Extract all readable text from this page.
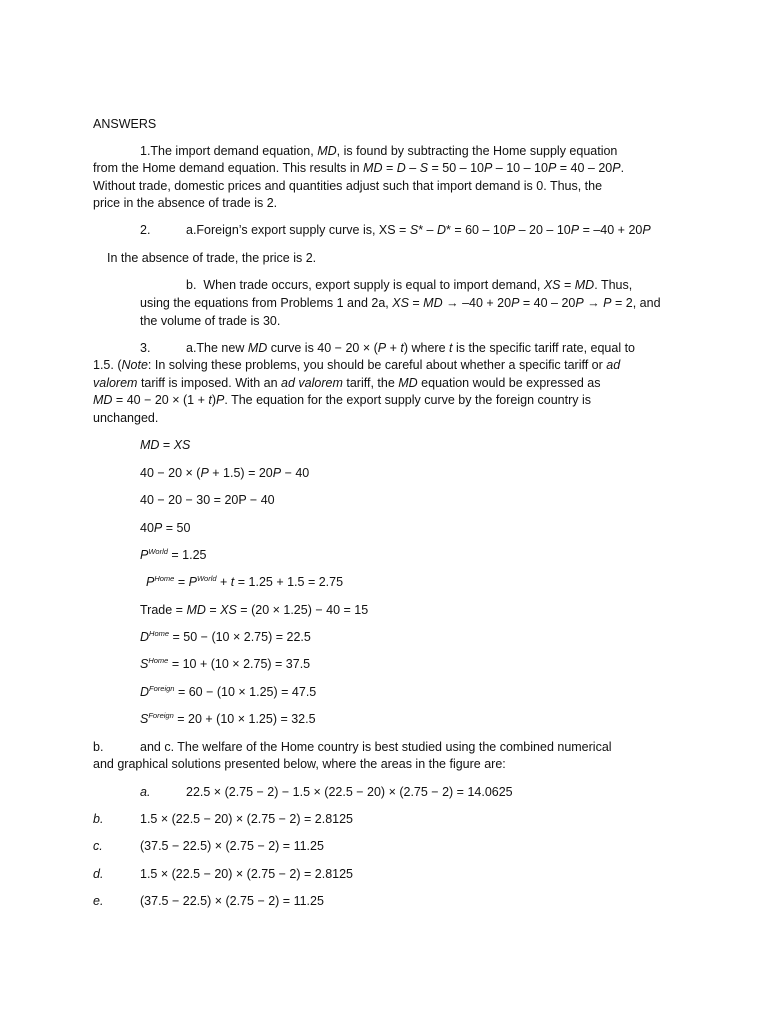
ANSWERS
1.The import demand equation, MD, is found by subtracting the Home supply equation
from the Home demand equation. This results in MD = D – S = 50 – 10P – 10 – 10P = 40 – 20P.
Without trade, domestic prices and quantities adjust such that import demand is 0. Thus, the
price in the absence of trade is 2.
2.	a.Foreign’s export supply curve is, XS = S* – D* = 60 – 10P – 20 – 10P = –40 + 20P
In the absence of trade, the price is 2.
b.  When trade occurs, export supply is equal to import demand, XS = MD. Thus,
using the equations from Problems 1 and 2a, XS = MD → –40 + 20P = 40 – 20P → P = 2, and
the volume of trade is 30.
3.	a.The new MD curve is 40 − 20 × (P + t) where t is the specific tariff rate, equal to
1.5. (Note: In solving these problems, you should be careful about whether a specific tariff or ad
valorem tariff is imposed. With an ad valorem tariff, the MD equation would be expressed as
MD = 40 − 20 × (1 + t)P. The equation for the export supply curve by the foreign country is
unchanged.
MD = XS
40 − 20 × (P + 1.5) = 20P − 40
40 − 20 − 30 = 20P − 40
40P = 50
$P^{World} = 1.25$
$P^{Home} = P^{World} + t = 1.25 + 1.5 = 2.75$
Trade = MD = XS = (20 × 1.25) − 40 = 15
$D^{Home} = 50 - (10 \times 2.75) = 22.5$
$S^{Home} = 10 + (10 \times 2.75) = 37.5$
$D^{Foreign} = 60 - (10 \times 1.25) = 47.5$
$S^{Foreign} = 20 + (10 \times 1.25) = 32.5$
b.	and c. The welfare of the Home country is best studied using the combined numerical
and graphical solutions presented below, where the areas in the figure are:
a.	22.5 × (2.75 − 2) − 1.5 × (22.5 − 20) × (2.75 − 2) = 14.0625
b.	1.5 × (22.5 − 20) × (2.75 − 2) = 2.8125
c.	(37.5 − 22.5) × (2.75 − 2) = 11.25
d.	1.5 × (22.5 − 20) × (2.75 − 2) = 2.8125
e.	(37.5 − 22.5) × (2.75 − 2) = 11.25
